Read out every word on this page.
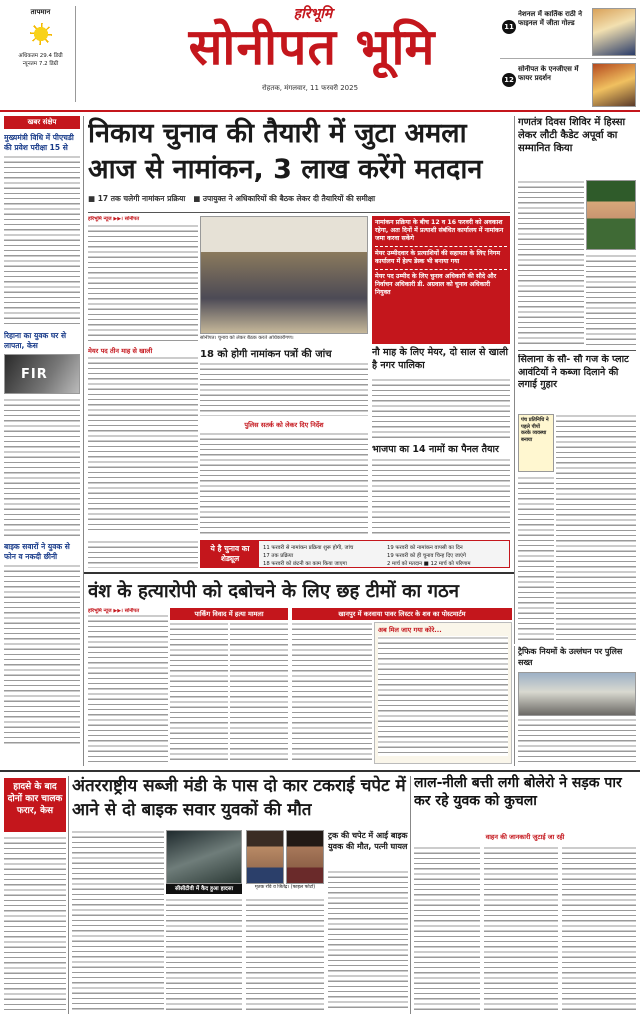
तापमान
अधिकतम 29.4 डिग्री
न्यूनतम 7.2 डिग्री
हरिभूमि
सोनीपत भूमि
रोहतक, मंगलवार, 11 फरवरी 2025
11
नेशनल में कार्तिक राठी ने फाइनल में जीता गोल्ड
12
सोनीपत के एनजीएस में फायर प्रदर्शन
खबर संक्षेप
मुख्यमंत्री विधि में पीएचडी की प्रवेश परीक्षा 15 से
रिहाना का युवक घर से लापता, केस
FIR
बाइक सवारों ने युवक से फोन व नकदी छीनी
निकाय चुनाव की तैयारी में जुटा अमला
आज से नामांकन, 3 लाख करेंगे मतदान
■ 17 तक चलेगी नामांकन प्रक्रिया ■ उपायुक्त ने अधिकारियों की बैठक लेकर दी तैयारियों की समीक्षा
हरिभूमि न्यूज ▶▶। सोनीपत
सोनीपत। चुनाव को लेकर बैठक करते अधिकारीगण।
नामांकन प्रक्रिया के बीच 12 व 16 फरवरी को अवकाश रहेगा, अतः दिनों में प्रत्याशी संबंधित कार्यालय में नामांकन जमा करवा सकेंगे
मेयर उम्मीदवार के प्रत्याशियों की सहायता के लिए निगम कार्यालय में हेल्प डेस्क भी बनाया गया
मेयर पद उम्मीद के लिए चुनाव अधिकारी की सौदे और निर्वाचन अधिकारी डी. अग्रवाल को चुनाव अधिकारी नियुक्त
मेयर पद तीन माह से खाली	18 को होगी नामांकन पत्रों की जांच
पुलिस सतर्क को लेकर दिए निर्देश
नौ माह के लिए मेयर, दो साल से खाली है नगर पालिका
भाजपा का 14 नामों का पैनल तैयार
ये है चुनाव का शेड्यूल
11 फरवरी से नामांकन प्रक्रिया शुरू होगी, जांच
17 तक प्रक्रिया
18 फरवरी को छंटनी का काम किया जाएगा
19 फरवरी को नामांकन वापसी का दिन
19 फरवरी को ही चुनाव चिन्ह दिए जाएंगे
2 मार्च को मतदान ■ 12 मार्च को परिणाम
गणतंत्र दिवस शिविर में हिस्सा लेकर लौटी कैडेट अपूर्वा का सम्मानित किया
सिलाना के सौ- सौ गज के प्लाट आवंटियों ने कब्जा दिलाने की लगाई गुहार
पंच प्रतिनिधि ने पहले पीपों करके व्यवस्था बनाया
वंश के हत्यारोपी को दबोचने के लिए छह टीमों का गठन
हरिभूमि न्यूज ▶▶। सोनीपत	पार्किंग विवाद में हत्या मामला	खानपुर में करवाया पावर लिस्टर के शव का पोस्टमार्टम
अब मिल जाए गया कोरे...
ट्रैफिक नियमों के उल्लंघन पर पुलिस सख्त
हादसे के बाद दोनों कार चालक फरार, केस
अंतरराष्ट्रीय सब्जी मंडी के पास दो कार टकराई चपेट में आने से दो बाइक सवार युवकों की मौत
सीसीटीवी में कैद हुआ हादसा	मृतक रवि व जितेंद्र। (फाइल फोटो)
ट्रक की चपेट में आई बाइक युवक की मौत, पत्नी घायल
लाल-नीली बत्ती लगी बोलेरो ने सड़क पार कर रहे युवक को कुचला
वाहन की जानकारी जुटाई जा रही
